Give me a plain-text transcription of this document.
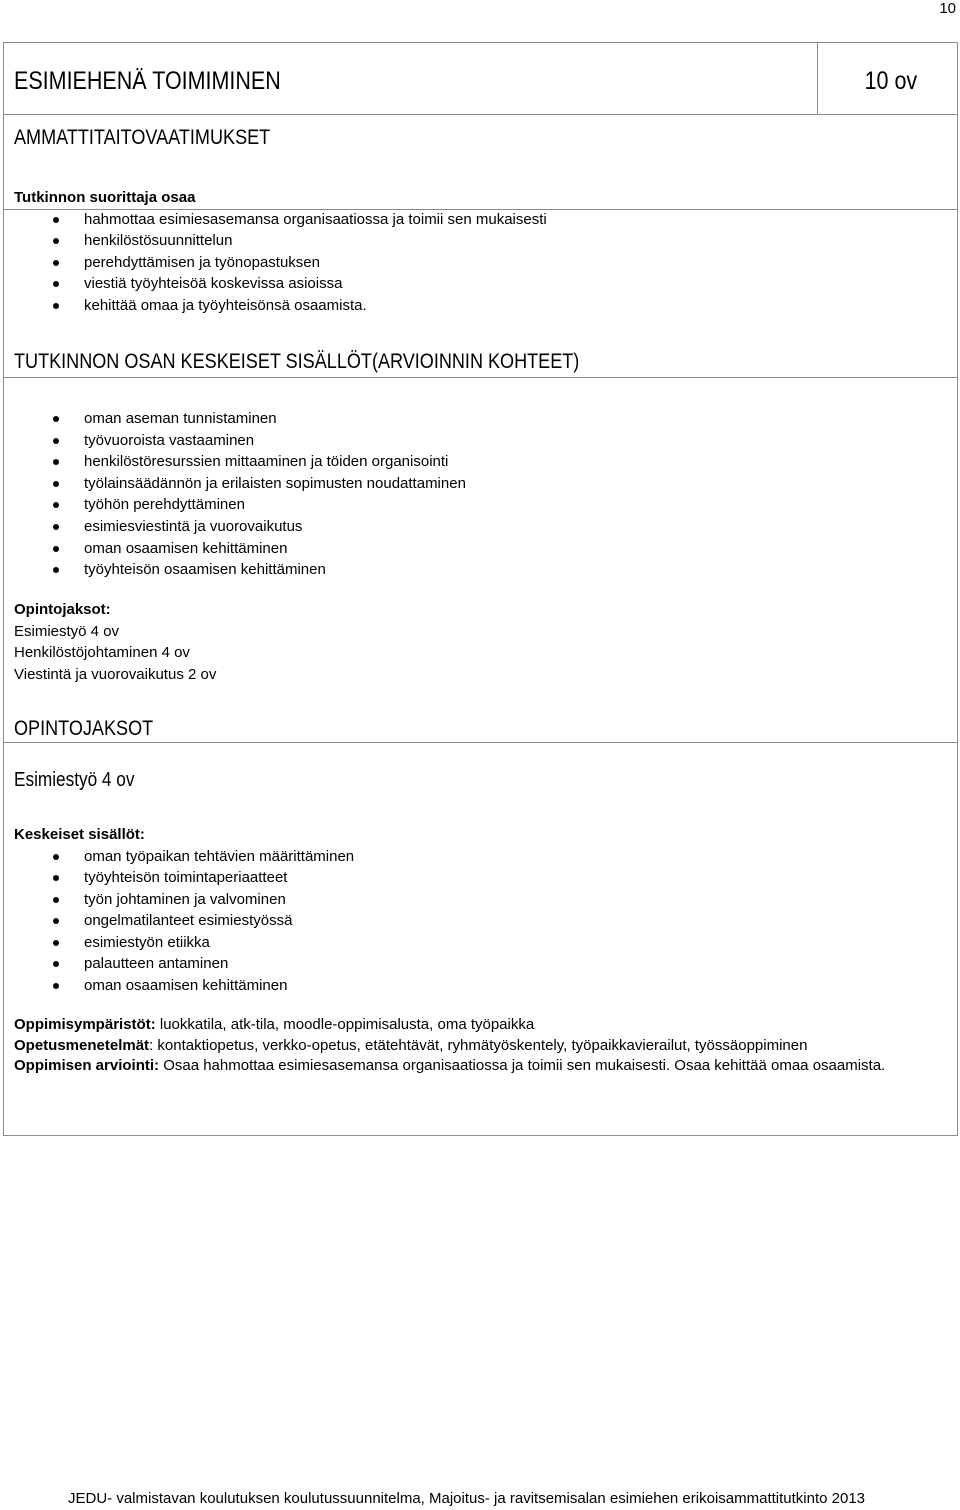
10
ESIMIEHENÄ TOIMIMINEN	10 ov
AMMATTITAITOVAATIMUKSET
Tutkinnon suorittaja osaa
hahmottaa esimiesasemansa organisaatiossa ja toimii sen mukaisesti
henkilöstösuunnittelun
perehdyttämisen ja työnopastuksen
viestiä työyhteisöä koskevissa asioissa
kehittää omaa ja työyhteisönsä osaamista.
TUTKINNON OSAN KESKEISET SISÄLLÖT(ARVIOINNIN KOHTEET)
oman aseman tunnistaminen
työvuoroista vastaaminen
henkilöstöresurssien mittaaminen ja töiden organisointi
työlainsäädännön ja erilaisten sopimusten noudattaminen
työhön perehdyttäminen
esimiesviestintä ja vuorovaikutus
oman osaamisen kehittäminen
työyhteisön osaamisen kehittäminen
Opintojaksot:
Esimiestyö 4 ov
Henkilöstöjohtaminen 4 ov
Viestintä ja vuorovaikutus 2 ov
OPINTOJAKSOT
Esimiestyö 4 ov
Keskeiset sisällöt:
oman työpaikan tehtävien määrittäminen
työyhteisön toimintaperiaatteet
työn johtaminen ja valvominen
ongelmatilanteet esimiestyössä
esimiestyön etiikka
palautteen antaminen
oman osaamisen kehittäminen

Oppimisympäristöt: luokkatila, atk-tila, moodle-oppimisalusta, oma työpaikka

Opetusmenetelmät: kontaktiopetus, verkko-opetus, etätehtävät, ryhmätyöskentely, työpaikkavierailut, työssäoppiminen

Oppimisen arviointi: Osaa hahmottaa esimiesasemansa organisaatiossa ja toimii sen mukaisesti. Osaa kehittää omaa osaamista.

JEDU- valmistavan koulutuksen koulutussuunnitelma, Majoitus- ja ravitsemisalan esimiehen erikoisammattitutkinto 2013
